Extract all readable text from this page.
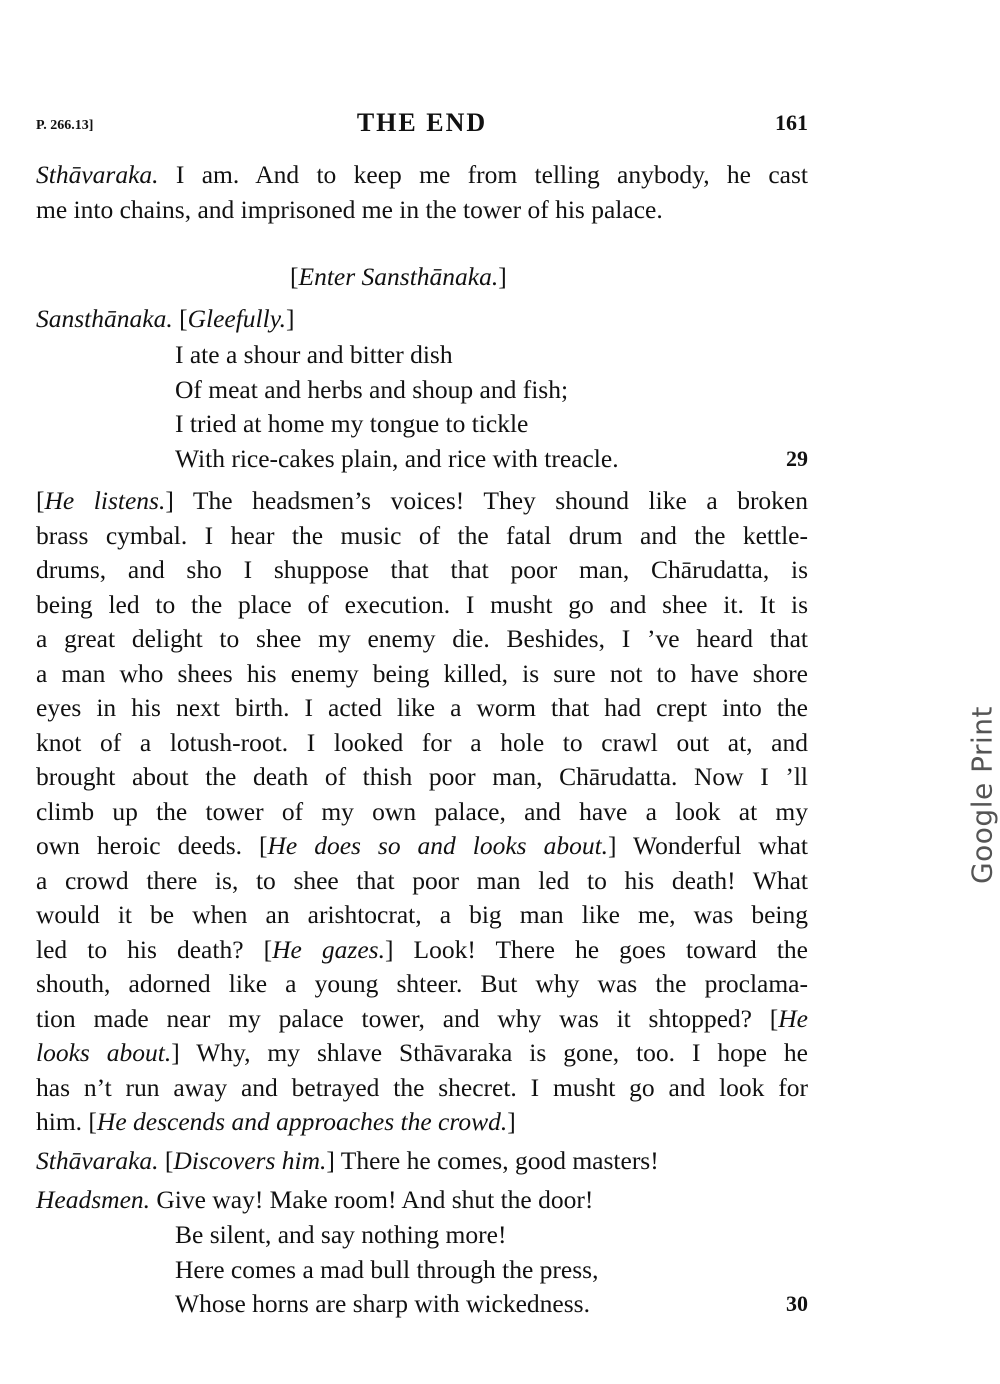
P. 266.13]	THE END	161
Sthāvaraka. I am. And to keep me from telling anybody, he cast
me into chains, and imprisoned me in the tower of his palace.
[Enter Sansthānaka.]
Sansthānaka. [Gleefully.]
I ate a shour and bitter dish
Of meat and herbs and shoup and fish;
I tried at home my tongue to tickle
With rice-cakes plain, and rice with treacle.	29
[He listens.] The headsmen’s voices! They shound like a broken
brass cymbal. I hear the music of the fatal drum and the kettle-
drums, and sho I shuppose that that poor man, Chārudatta, is
being led to the place of execution. I musht go and shee it. It is
a great delight to shee my enemy die. Beshides, I ’ve heard that
a man who shees his enemy being killed, is sure not to have shore
eyes in his next birth. I acted like a worm that had crept into the
knot of a lotush-root. I looked for a hole to crawl out at, and
brought about the death of thish poor man, Chārudatta. Now I ’ll
climb up the tower of my own palace, and have a look at my
own heroic deeds. [He does so and looks about.] Wonderful what
a crowd there is, to shee that poor man led to his death! What
would it be when an arishtocrat, a big man like me, was being
led to his death? [He gazes.] Look! There he goes toward the
shouth, adorned like a young shteer. But why was the proclama-
tion made near my palace tower, and why was it shtopped? [He
looks about.] Why, my shlave Sthāvaraka is gone, too. I hope he
has n’t run away and betrayed the shecret. I musht go and look for
him. [He descends and approaches the crowd.]
Sthāvaraka. [Discovers him.] There he comes, good masters!
Headsmen. Give way! Make room! And shut the door!
Be silent, and say nothing more!
Here comes a mad bull through the press,
Whose horns are sharp with wickedness.	30
Google Print
